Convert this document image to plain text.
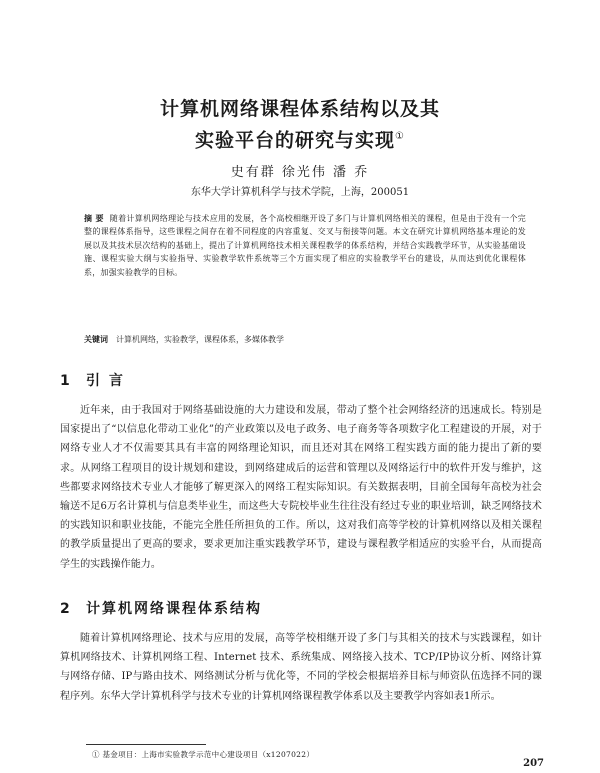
计算机网络课程体系结构以及其
实验平台的研究与实现①
史有群 徐光伟 潘 乔
东华大学计算机科学与技术学院，上海，200051
摘 要 随着计算机网络理论与技术应用的发展，各个高校相继开设了多门与计算机网络相关的课程，但是由于没有一个完整的课程体系指导，这些课程之间存在着不同程度的内容重复、交叉与衔接等问题。本文在研究计算机网络基本理论的发展以及其技术层次结构的基础上，提出了计算机网络技术相关课程教学的体系结构，并结合实践教学环节，从实验基础设施、课程实验大纲与实验指导、实验教学软件系统等三个方面实现了相应的实验教学平台的建设，从而达到优化课程体系，加强实验教学的目标。
关键词 计算机网络，实验教学，课程体系，多媒体教学
1 引 言
近年来，由于我国对于网络基础设施的大力建设和发展，带动了整个社会网络经济的迅速成长。特别是国家提出了“以信息化带动工业化”的产业政策以及电子政务、电子商务等各项数字化工程建设的开展，对于网络专业人才不仅需要其具有丰富的网络理论知识，而且还对其在网络工程实践方面的能力提出了新的要求。从网络工程项目的设计规划和建设，到网络建成后的运营和管理以及网络运行中的软件开发与维护，这些都要求网络技术专业人才能够了解更深入的网络工程实际知识。有关数据表明，目前全国每年高校为社会输送不足6万名计算机与信息类毕业生，而这些大专院校毕业生往往没有经过专业的职业培训，缺乏网络技术的实践知识和职业技能，不能完全胜任所担负的工作。所以，这对我们高等学校的计算机网络以及相关课程的教学质量提出了更高的要求，要求更加注重实践教学环节，建设与课程教学相适应的实验平台，从而提高学生的实践操作能力。
2 计算机网络课程体系结构
随着计算机网络理论、技术与应用的发展，高等学校相继开设了多门与其相关的技术与实践课程，如计算机网络技术、计算机网络工程、Internet 技术、系统集成、网络接入技术、TCP/IP协议分析、网络计算与网络存储、IP与路由技术、网络测试分析与优化等，不同的学校会根据培养目标与师资队伍选择不同的课程序列。东华大学计算机科学与技术专业的计算机网络课程教学体系以及主要教学内容如表1所示。
① 基金项目：上海市实验教学示范中心建设项目（x1207022）
207
